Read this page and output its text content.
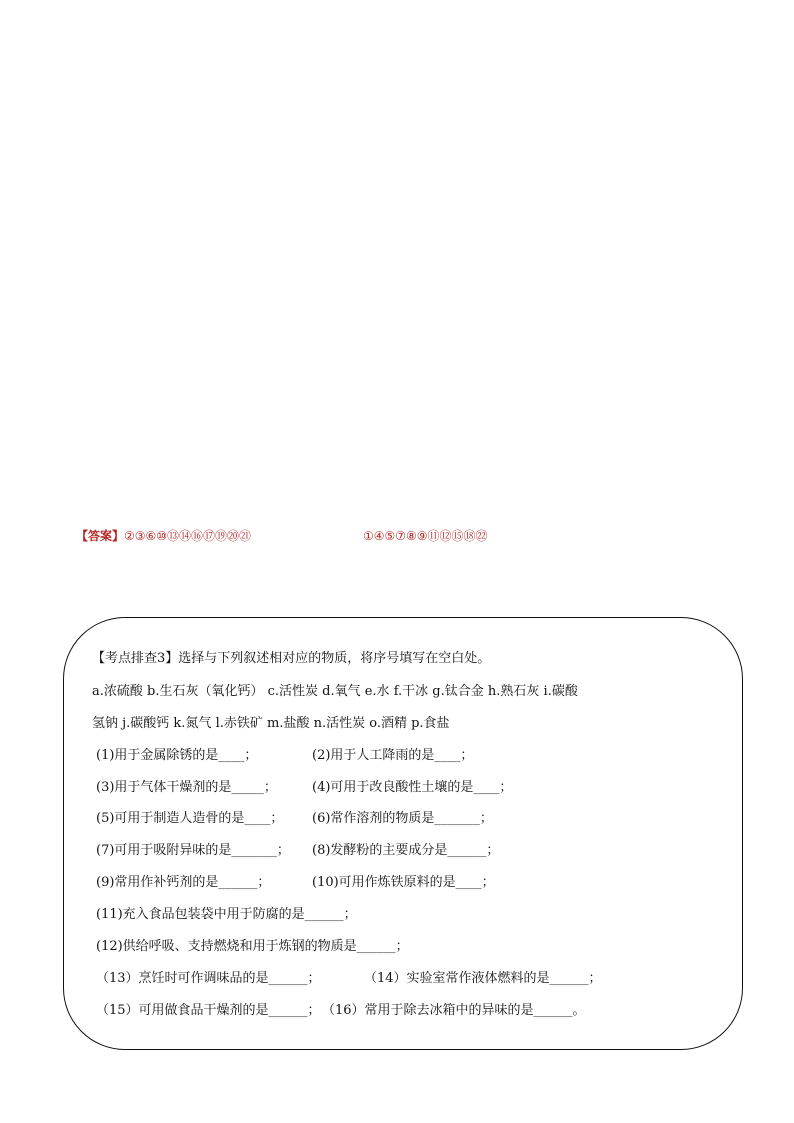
【答案】②③⑥⑩⑬⑭⑯⑰⑲⑳㉑	①④⑤⑦⑧⑨⑪⑫⑮⑱㉒
【考点排查3】选择与下列叙述相对应的物质，将序号填写在空白处。
a.浓硫酸 b.生石灰（氧化钙） c.活性炭 d.氧气 e.水 f.干冰 g.钛合金 h.熟石灰 i.碳酸
氢钠 j.碳酸钙 k.氮气 l.赤铁矿 m.盐酸 n.活性炭 o.酒精 p.食盐
(1)用于金属除锈的是____；	(2)用于人工降雨的是____；
(3)用于气体干燥剂的是_____；	(4)可用于改良酸性土壤的是____；
(5)可用于制造人造骨的是____； (6)常作溶剂的物质是_______；
(7)可用于吸附异味的是_______； (8)发酵粉的主要成分是______；
(9)常用作补钙剂的是______；	(10)可用作炼铁原料的是____；
(11)充入食品包装袋中用于防腐的是______；
(12)供给呼吸、支持燃烧和用于炼钢的物质是______；
（13）烹饪时可作调味品的是______；	（14）实验室常作液体燃料的是______；
（15）可用做食品干燥剂的是______； （16）常用于除去冰箱中的异味的是______。
